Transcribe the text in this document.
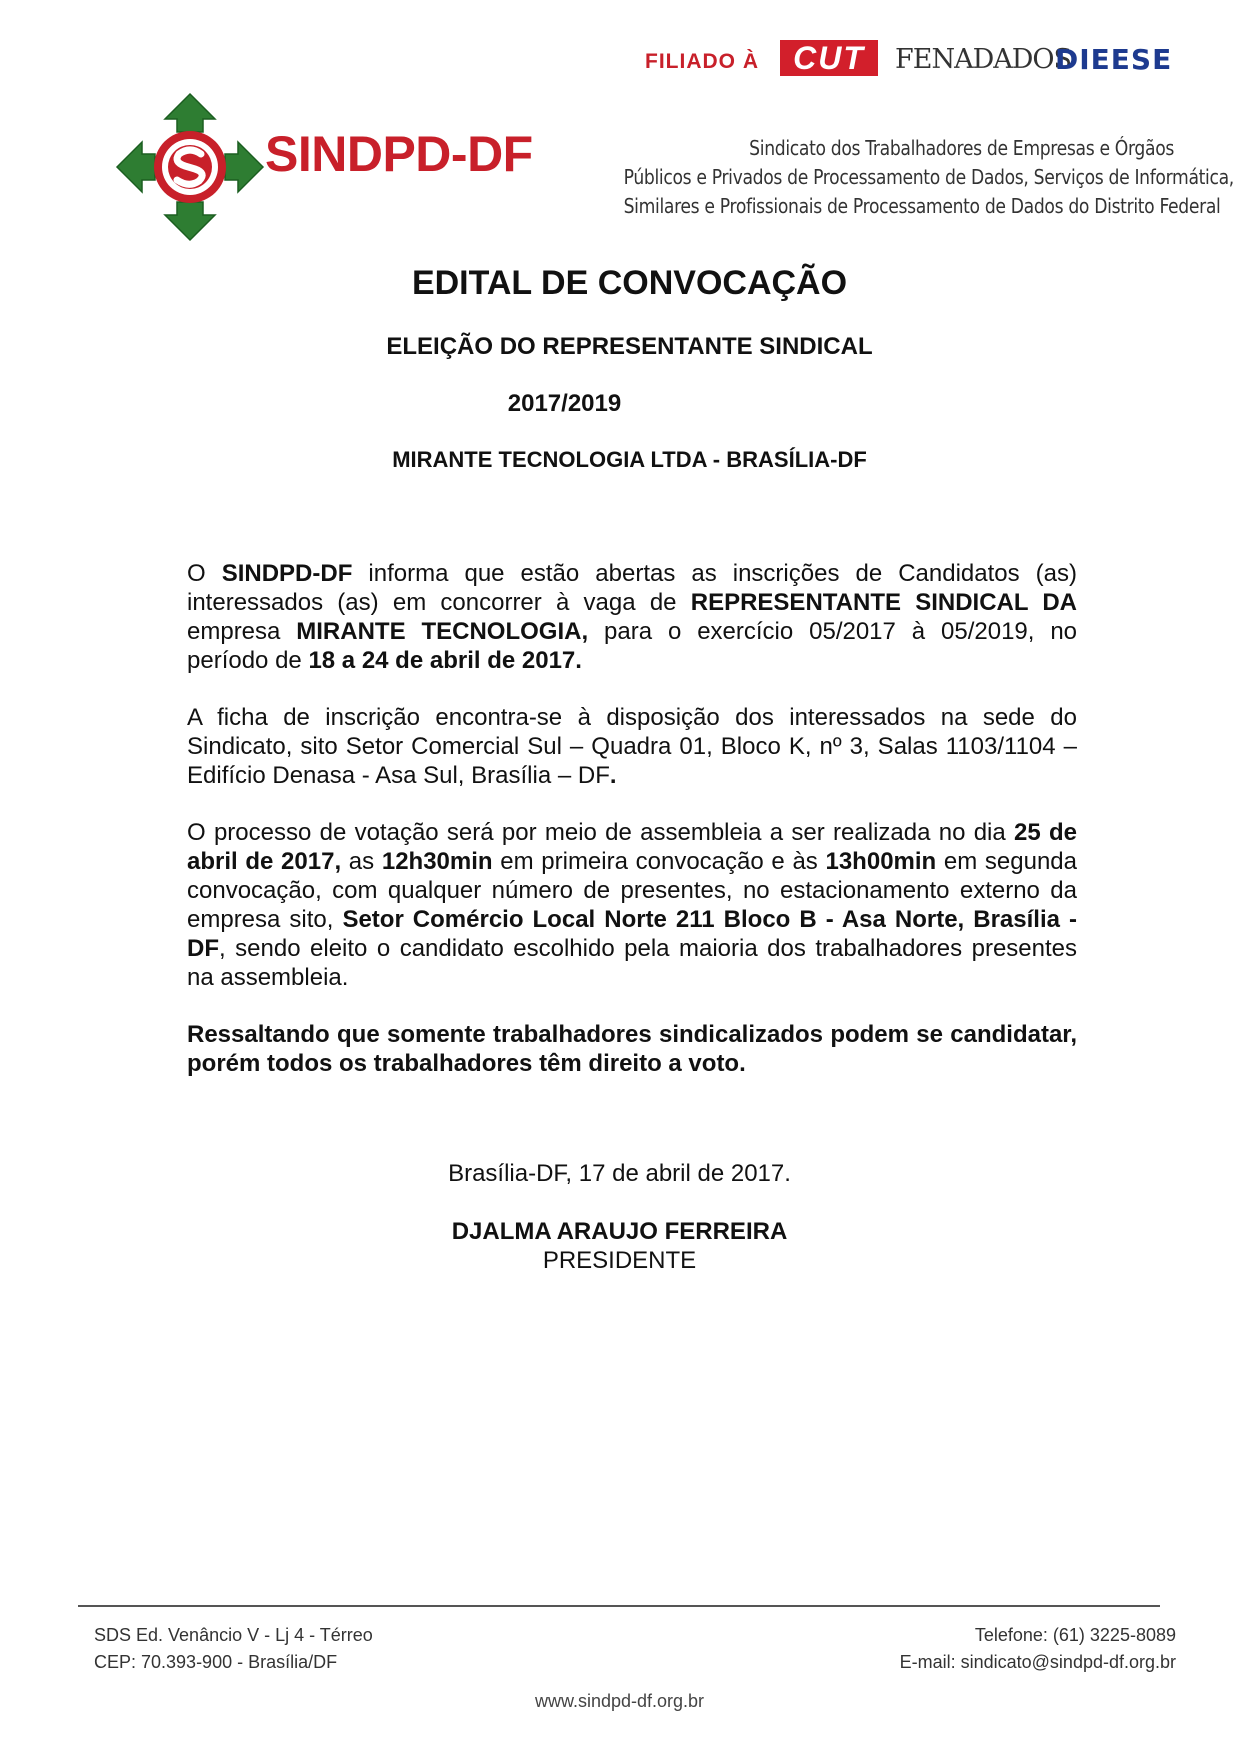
FILIADO À	CUT	FENADADOS
DIEESE
SINDPD-DF	Sindicato dos Trabalhadores de Empresas e Órgãos
Públicos e Privados de Processamento de Dados, Serviços de Informática,
Similares e Profissionais de Processamento de Dados do Distrito Federal
EDITAL DE CONVOCAÇÃO
ELEIÇÃO DO REPRESENTANTE SINDICAL
2017/2019
MIRANTE TECNOLOGIA LTDA - BRASÍLIA-DF

O SINDPD-DF informa que estão abertas as inscrições de Candidatos (as) interessados (as) em concorrer à vaga de REPRESENTANTE SINDICAL DA empresa MIRANTE TECNOLOGIA, para o exercício 05/2017 à 05/2019, no período de 18 a 24 de abril de 2017.

A ficha de inscrição encontra-se à disposição dos interessados na sede do Sindicato, sito Setor Comercial Sul – Quadra 01, Bloco K, nº 3, Salas 1103/1104 – Edifício Denasa - Asa Sul, Brasília – DF.

O processo de votação será por meio de assembleia a ser realizada no dia 25 de abril de 2017, as 12h30min em primeira convocação e às 13h00min em segunda convocação, com qualquer número de presentes, no estacionamento externo da empresa sito, Setor Comércio Local Norte 211 Bloco B - Asa Norte, Brasília - DF, sendo eleito o candidato escolhido pela maioria dos trabalhadores presentes na assembleia.

Ressaltando que somente trabalhadores sindicalizados podem se candidatar, porém todos os trabalhadores têm direito a voto.

Brasília-DF, 17 de abril de 2017.
DJALMA ARAUJO FERREIRA
PRESIDENTE
SDS Ed. Venâncio V - Lj 4 - Térreo
CEP: 70.393-900 - Brasília/DF
Telefone: (61) 3225-8089
E-mail: sindicato@sindpd-df.org.br
www.sindpd-df.org.br
